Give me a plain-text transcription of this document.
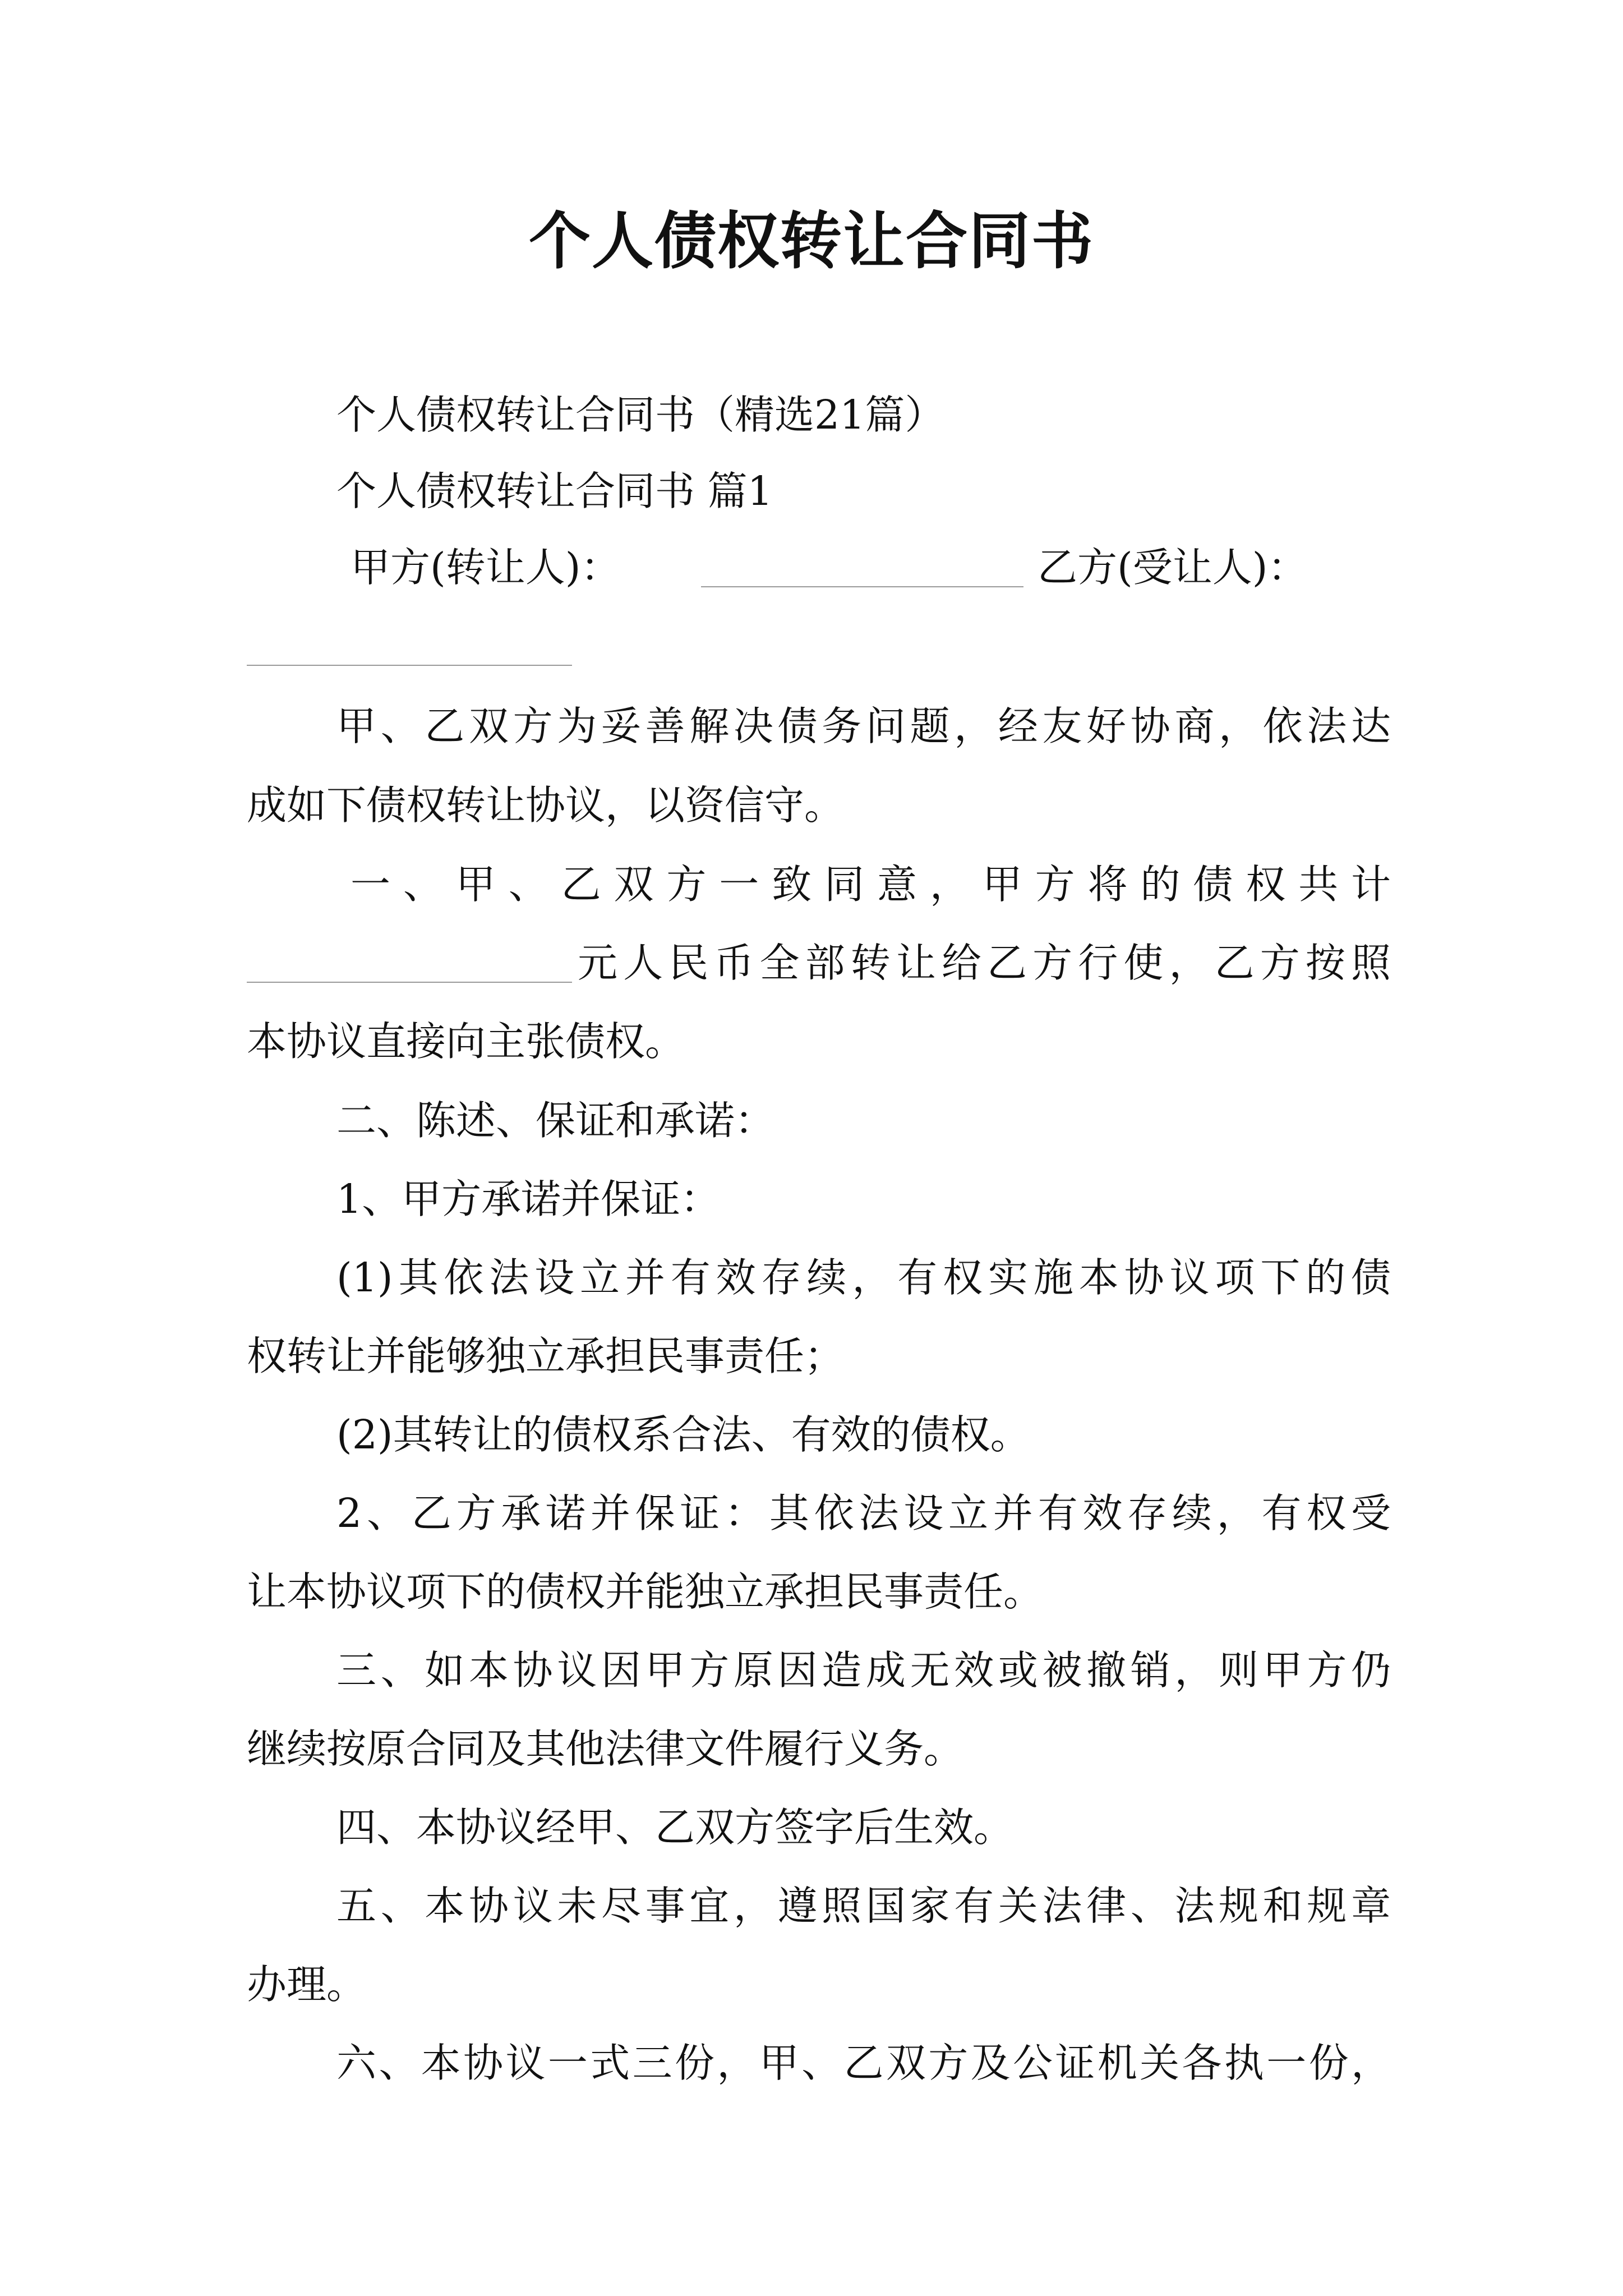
个人债权转让合同书
个人债权转让合同书（精选21篇）
个人债权转让合同书 篇1
甲方(转让人)：	乙方(受让人)：
甲、乙双方为妥善解决债务问题，经友好协商，依法达
成如下债权转让协议，以资信守。
一、甲、乙双方一致同意，甲方将的债权共计
元人民币全部转让给乙方行使，乙方按照
本协议直接向主张债权。
二、陈述、保证和承诺：
1、甲方承诺并保证：
(1)其依法设立并有效存续，有权实施本协议项下的债
权转让并能够独立承担民事责任；
(2)其转让的债权系合法、有效的债权。
2、乙方承诺并保证：其依法设立并有效存续，有权受
让本协议项下的债权并能独立承担民事责任。
三、如本协议因甲方原因造成无效或被撤销，则甲方仍
继续按原合同及其他法律文件履行义务。
四、本协议经甲、乙双方签字后生效。
五、本协议未尽事宜，遵照国家有关法律、法规和规章
办理。
六、本协议一式三份，甲、乙双方及公证机关各执一份，
